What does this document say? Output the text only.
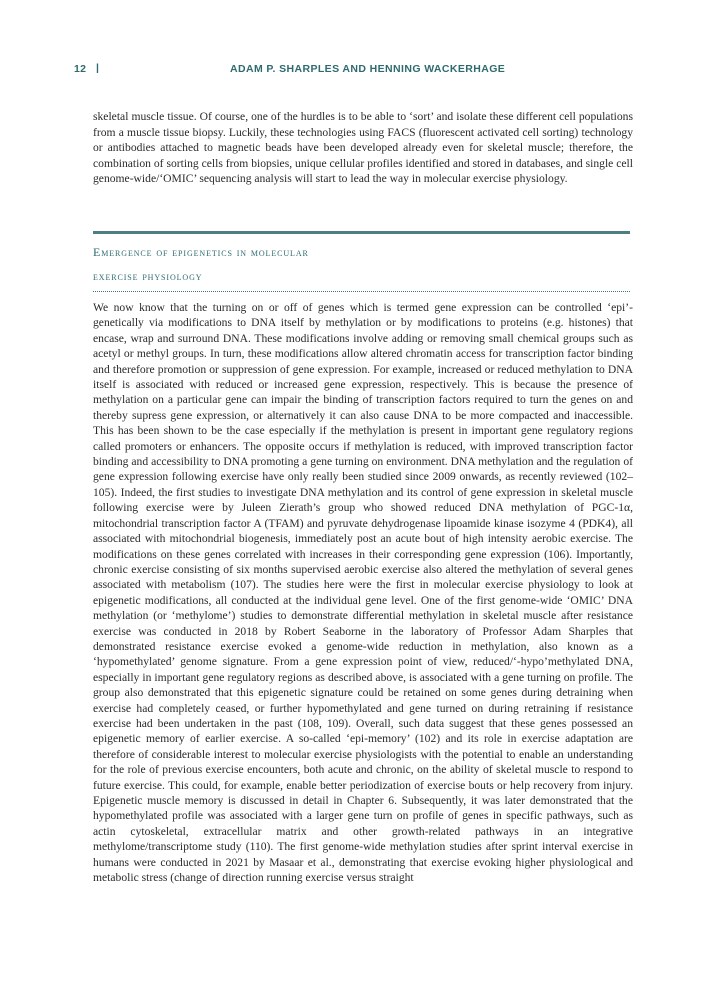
12 |	ADAM P. SHARPLES AND HENNING WACKERHAGE

skeletal muscle tissue. Of course, one of the hurdles is to be able to ‘sort’ and isolate these different cell populations from a muscle tissue biopsy. Luckily, these technologies using FACS (fluorescent activated cell sorting) technology or antibodies attached to magnetic beads have been developed already even for skeletal muscle; therefore, the combination of sorting cells from biopsies, unique cellular profiles identified and stored in databases, and single cell genome-wide/‘OMIC’ sequencing analysis will start to lead the way in molecular exercise physiology.

Emergence of epigenetics in molecular
exercise physiology

We now know that the turning on or off of genes which is termed gene expression can be controlled ‘epi’-genetically via modifications to DNA itself by methylation or by modifications to proteins (e.g. histones) that encase, wrap and surround DNA. These modifications involve adding or removing small chemical groups such as acetyl or methyl groups. In turn, these modifications allow altered chromatin access for transcription factor binding and therefore promotion or suppression of gene expression. For example, increased or reduced methylation to DNA itself is associated with reduced or increased gene expression, respectively. This is because the presence of methylation on a particular gene can impair the binding of transcription factors required to turn the genes on and thereby supress gene expression, or alternatively it can also cause DNA to be more compacted and inaccessible. This has been shown to be the case especially if the methylation is present in important gene regulatory regions called promoters or enhancers. The opposite occurs if methylation is reduced, with improved transcription factor binding and accessibility to DNA promoting a gene turning on environment. DNA methylation and the regulation of gene expression following exercise have only really been studied since 2009 onwards, as recently reviewed (102–105). Indeed, the first studies to investigate DNA methylation and its control of gene expression in skeletal muscle following exercise were by Juleen Zierath’s group who showed reduced DNA methylation of PGC-1α, mitochondrial transcription factor A (TFAM) and pyruvate dehydrogenase lipoamide kinase isozyme 4 (PDK4), all associated with mitochondrial biogenesis, immediately post an acute bout of high intensity aerobic exercise. The modifications on these genes correlated with increases in their corresponding gene expression (106). Importantly, chronic exercise consisting of six months supervised aerobic exercise also altered the methylation of several genes associated with metabolism (107). The studies here were the first in molecular exercise physiology to look at epigenetic modifications, all conducted at the individual gene level. One of the first genome-wide ‘OMIC’ DNA methylation (or ‘methylome’) studies to demonstrate differential methylation in skeletal muscle after resistance exercise was conducted in 2018 by Robert Seaborne in the laboratory of Professor Adam Sharples that demonstrated resistance exercise evoked a genome-wide reduction in methylation, also known as a ‘hypomethylated’ genome signature. From a gene expression point of view, reduced/‘-hypo’methylated DNA, especially in important gene regulatory regions as described above, is associated with a gene turning on profile. The group also demonstrated that this epigenetic signature could be retained on some genes during detraining when exercise had completely ceased, or further hypomethylated and gene turned on during retraining if resistance exercise had been undertaken in the past (108, 109). Overall, such data suggest that these genes possessed an epigenetic memory of earlier exercise. A so-called ‘epi-memory’ (102) and its role in exercise adaptation are therefore of considerable interest to molecular exercise physiologists with the potential to enable an understanding for the role of previous exercise encounters, both acute and chronic, on the ability of skeletal muscle to respond to future exercise. This could, for example, enable better periodization of exercise bouts or help recovery from injury. Epigenetic muscle memory is discussed in detail in Chapter 6. Subsequently, it was later demonstrated that the hypomethylated profile was associated with a larger gene turn on profile of genes in specific pathways, such as actin cytoskeletal, extracellular matrix and other growth-related pathways in an integrative methylome/transcriptome study (110). The first genome-wide methylation studies after sprint interval exercise in humans were conducted in 2021 by Masaar et al., demonstrating that exercise evoking higher physiological and metabolic stress (change of direction running exercise versus straight
